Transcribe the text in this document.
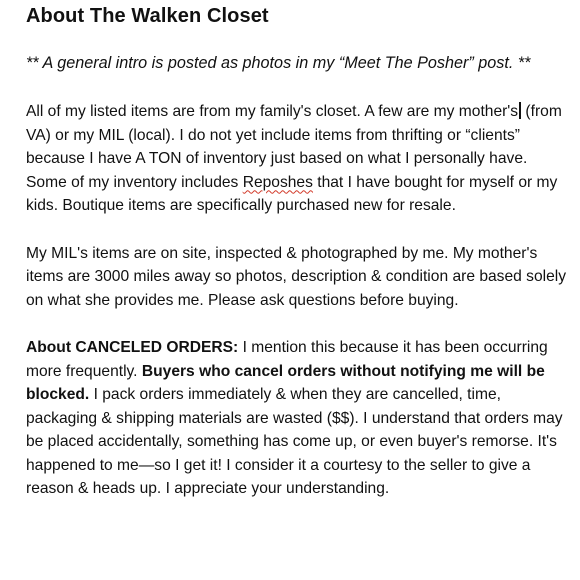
About The Walken Closet

** A general intro is posted as photos in my “Meet The Posher” post. **

All of my listed items are from my family's closet. A few are my mother's (from VA) or my MIL (local). I do not yet include items from thrifting or “clients” because I have A TON of inventory just based on what I personally have. Some of my inventory includes Reposhes that I have bought for myself or my kids. Boutique items are specifically purchased new for resale.

My MIL's items are on site, inspected & photographed by me. My mother's items are 3000 miles away so photos, description & condition are based solely on what she provides me. Please ask questions before buying.

About CANCELED ORDERS: I mention this because it has been occurring more frequently. Buyers who cancel orders without notifying me will be blocked. I pack orders immediately & when they are cancelled, time, packaging & shipping materials are wasted ($$). I understand that orders may be placed accidentally, something has come up, or even buyer's remorse. It's happened to me—so I get it! I consider it a courtesy to the seller to give a reason & heads up. I appreciate your understanding.
